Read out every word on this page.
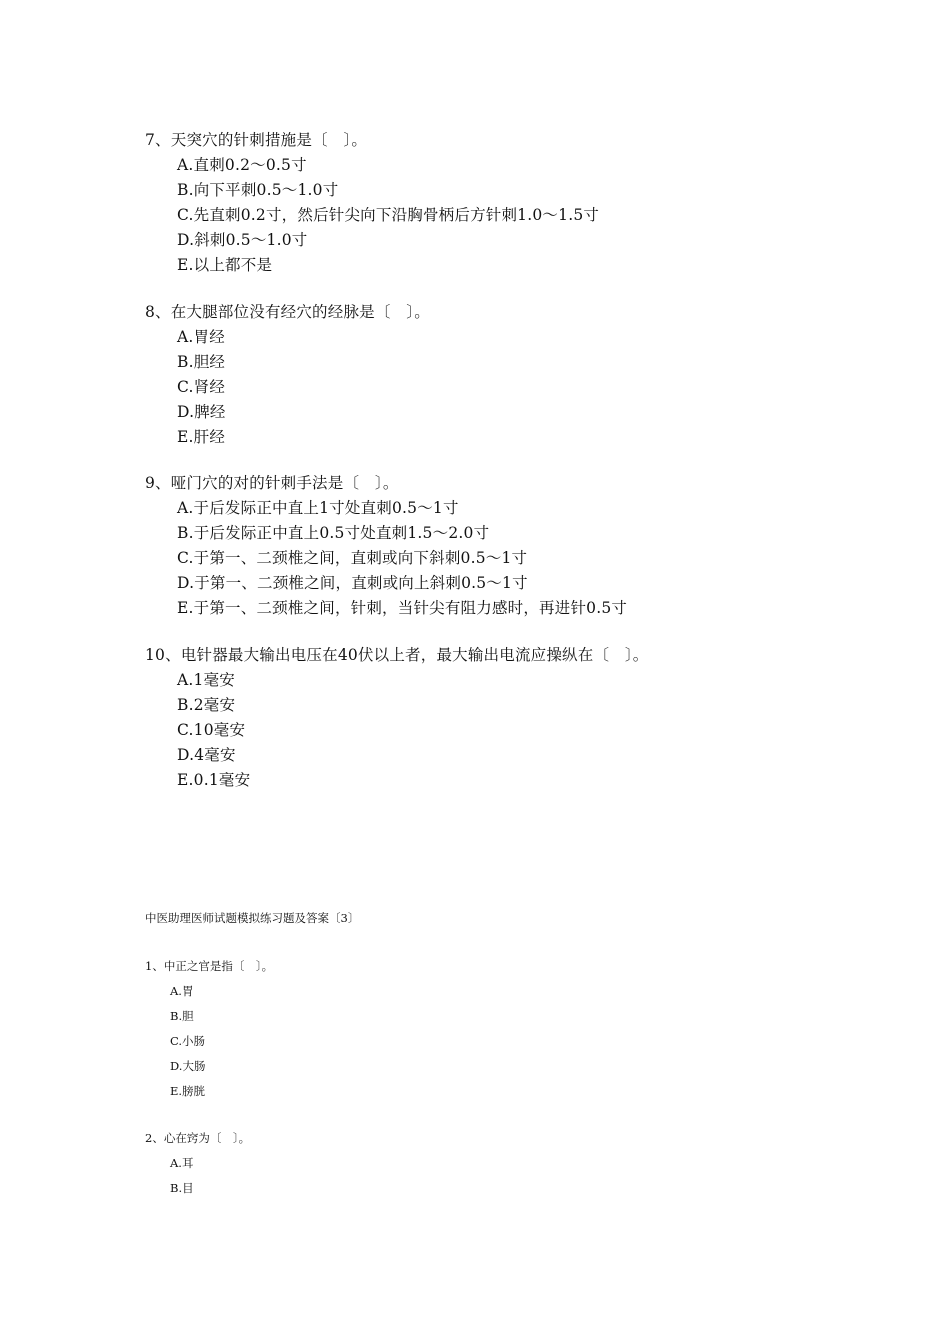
7、天突穴的针刺措施是〔　〕。
A.直刺0.2～0.5寸
B.向下平刺0.5～1.0寸
C.先直刺0.2寸，然后针尖向下沿胸骨柄后方针刺1.0～1.5寸
D.斜刺0.5～1.0寸
E.以上都不是
8、在大腿部位没有经穴的经脉是〔　〕。
A.胃经
B.胆经
C.肾经
D.脾经
E.肝经
9、哑门穴的对的针刺手法是〔　〕。
A.于后发际正中直上1寸处直刺0.5～1寸
B.于后发际正中直上0.5寸处直刺1.5～2.0寸
C.于第一、二颈椎之间，直刺或向下斜刺0.5～1寸
D.于第一、二颈椎之间，直刺或向上斜刺0.5～1寸
E.于第一、二颈椎之间，针刺，当针尖有阻力感时，再进针0.5寸
10、电针器最大输出电压在40伏以上者，最大输出电流应操纵在〔　〕。
A.1毫安
B.2毫安
C.10毫安
D.4毫安
E.0.1毫安
中医助理医师试题模拟练习题及答案〔3〕
1、中正之官是指〔　〕。
A.胃
B.胆
C.小肠
D.大肠
E.膀胱
2、心在窍为〔　〕。
A.耳
B.目
